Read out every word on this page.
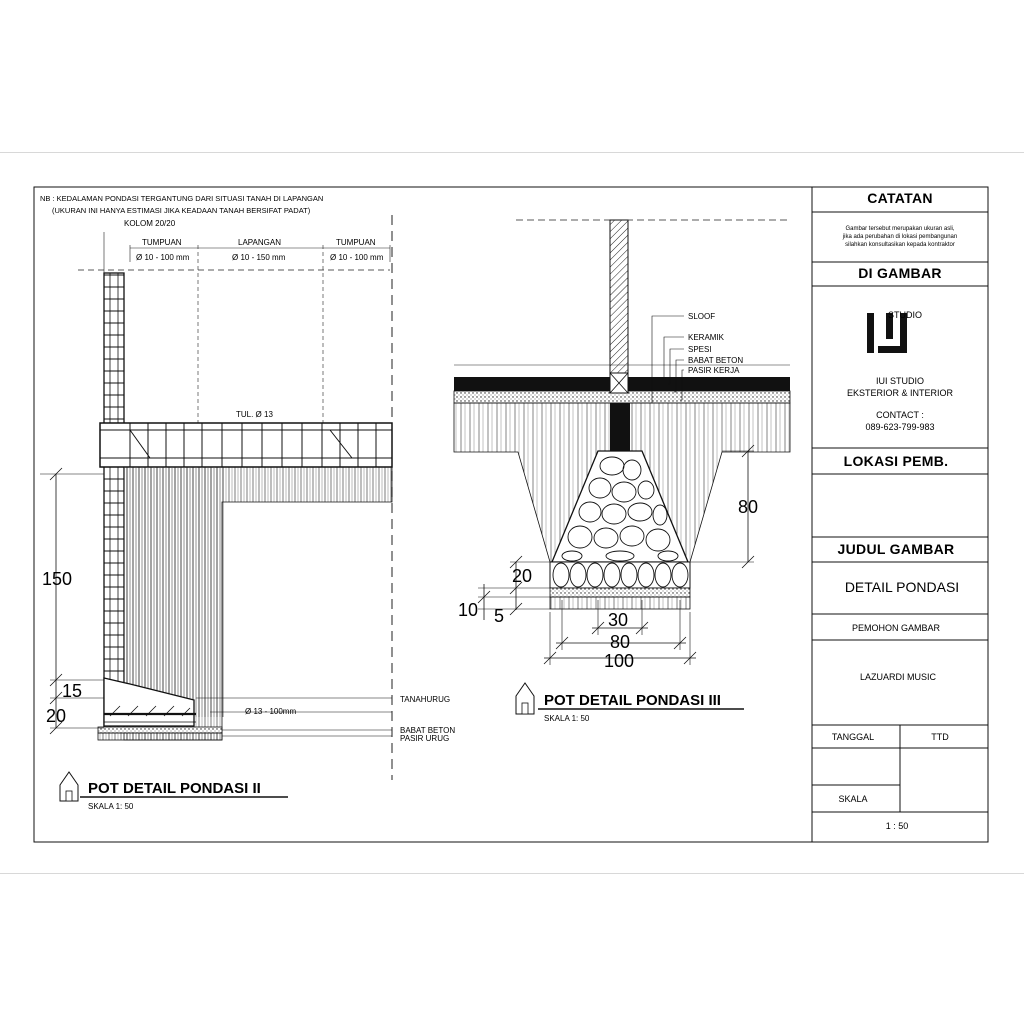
NB : KEDALAMAN PONDASI TERGANTUNG DARI SITUASI TANAH DI LAPANGAN
(UKURAN INI HANYA ESTIMASI JIKA KEADAAN TANAH BERSIFAT PADAT)
KOLOM 20/20
TUMPUAN
Ø 10 - 100 mm
LAPANGAN
Ø 10 - 150 mm
TUMPUAN
Ø 10 - 100 mm
TUL. Ø 13
150
15
20
TANAHURUG
Ø 13 - 100mm
BABAT BETON
PASIR URUG
POT DETAIL PONDASI II
SKALA 1: 50
SLOOF
KERAMIK
SPESI
BABAT BETON
PASIR KERJA
80
20
10 5	30
80
100
POT DETAIL PONDASI III
SKALA 1: 50
STUDIO
CATATAN
Gambar tersebut merupakan ukuran asli,
jika ada perubahan di lokasi pembangunan
silahkan konsultasikan kepada kontraktor
DI GAMBAR
IUI STUDIO
EKSTERIOR & INTERIOR
CONTACT :
089-623-799-983
LOKASI PEMB.
JUDUL GAMBAR
DETAIL PONDASI
PEMOHON GAMBAR
LAZUARDI MUSIC
TANGGAL	TTD
SKALA
1 : 50
